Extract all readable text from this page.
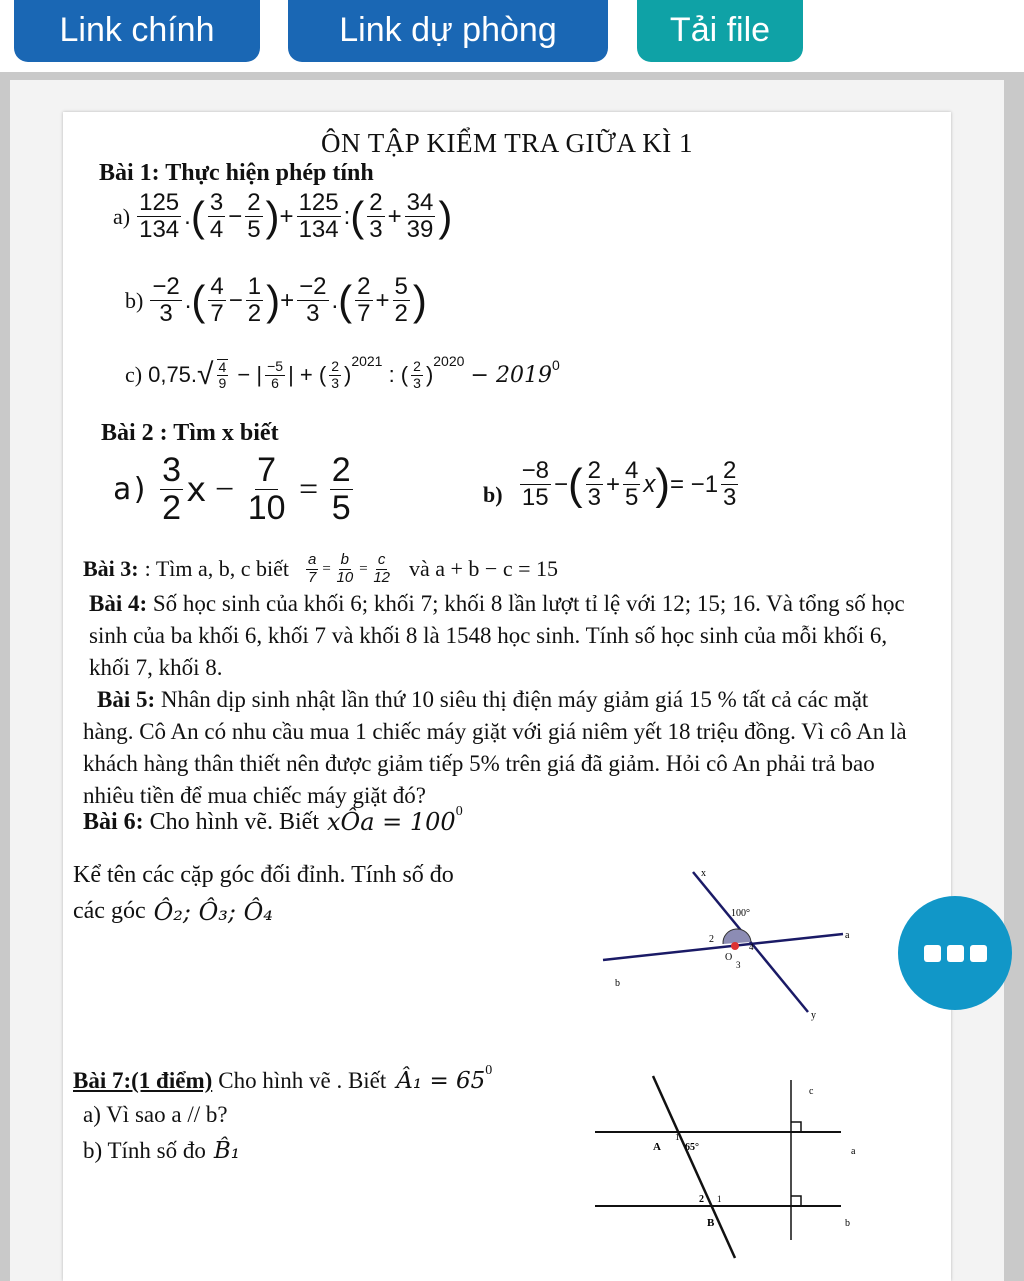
Link chính	Link dự phòng	Tải file
ÔN TẬP KIỂM TRA GIỮA KÌ 1
Bài 1: Thực hiện phép tính
$a) \frac{125}{134}$ . ( $\frac{3}{4} - \frac{2}{5}$ ) + $\frac{125}{134}$ : ( $\frac{2}{3} + \frac{34}{39}$ )
$b) \frac{-2}{3}$ . ( $\frac{4}{7} - \frac{1}{2}$ ) + $\frac{-2}{3}$ . ( $\frac{2}{7} + \frac{5}{2}$ )
c) 0,75. √ $\frac{4}{9}$ − | $\frac{-5}{6}$ | + ( $\frac{2}{3}$ )
$^{2021}$
: ( $\frac{2}{3}$ )
$^{2020}$

− $2019^0$
Bài 2 : Tìm x biết
$a) \frac{3}{2}$ $x - \frac{7}{10} = \frac{2}{5}$	$b) \frac{-8}{15}$ − ( $\frac{2}{3} + \frac{4}{5}$ x ) = $-1 \frac{2}{3}$
Bài 3: : Tìm a, b, c biết $\frac{a}{7} = \frac{b}{10} = \frac{c}{12}$ và a + b − c = 15
Bài 4: Số học sinh của khối 6; khối 7; khối 8 lần lượt tỉ lệ với 12; 15; 16. Và tổng số học sinh của ba khối 6, khối 7 và khối 8 là 1548 học sinh. Tính số học sinh của mỗi khối 6, khối 7, khối 8.
Bài 5: Nhân dịp sinh nhật lần thứ 10 siêu thị điện máy giảm giá 15 % tất cả các mặt hàng. Cô An có nhu cầu mua 1 chiếc máy giặt với giá niêm yết 18 triệu đồng. Vì cô An là khách hàng thân thiết nên được giảm tiếp 5% trên giá đã giảm. Hỏi cô An phải trả bao nhiêu tiền để mua chiếc máy giặt đó?
Bài 6: Cho hình vẽ. Biết xÔa = $100^0$
Kể tên các cặp góc đối đỉnh. Tính số đo
các góc Ô₂; Ô₃; Ô₄
x
100°
2
O
3
4
a
b
y
Bài 7:(1 điểm) Cho hình vẽ . Biết Â₁ = $65^0$
a) Vì sao a // b?
b) Tính số đo B̂₁
c
a
b
A
1
65°
2 1
B
